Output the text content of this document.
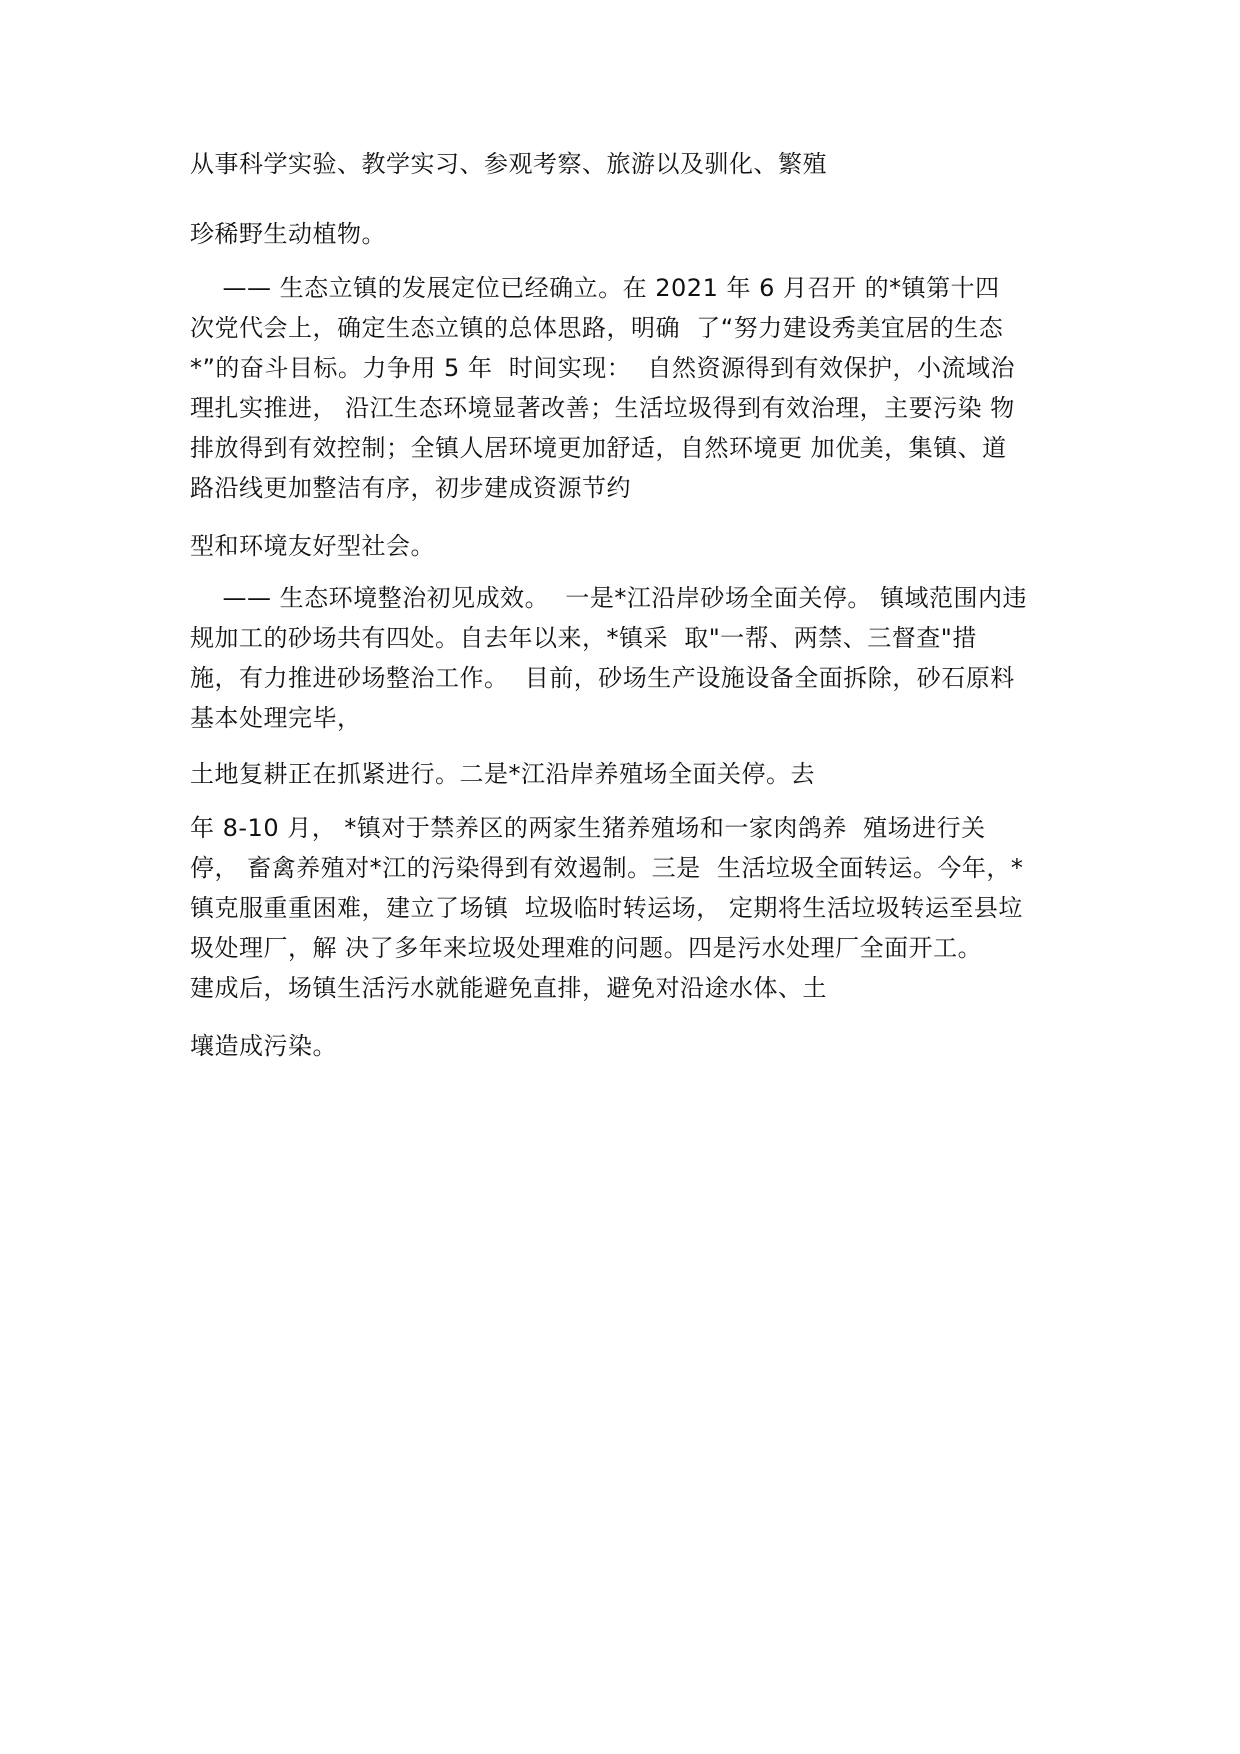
从事科学实验、教学实习、参观考察、旅游以及驯化、繁殖
珍稀野生动植物。
—— 生态立镇的发展定位已经确立。在 2021 年 6 月召开 的*镇第十四
次党代会上，确定生态立镇的总体思路，明确  了“努力建设秀美宜居的生态
*”的奋斗目标。力争用 5 年  时间实现：  自然资源得到有效保护，小流域治
理扎实推进， 沿江生态环境显著改善；生活垃圾得到有效治理，主要污染 物
排放得到有效控制；全镇人居环境更加舒适，自然环境更 加优美，集镇、道
路沿线更加整洁有序，初步建成资源节约
型和环境友好型社会。
—— 生态环境整治初见成效。  一是*江沿岸砂场全面关停。 镇域范围内违
规加工的砂场共有四处。自去年以来，*镇采  取"一帮、两禁、三督查"措
施，有力推进砂场整治工作。  目前，砂场生产设施设备全面拆除，砂石原料
基本处理完毕，
土地复耕正在抓紧进行。二是*江沿岸养殖场全面关停。去
年 8-10 月， *镇对于禁养区的两家生猪养殖场和一家肉鸽养  殖场进行关
停， 畜禽养殖对*江的污染得到有效遏制。三是  生活垃圾全面转运。今年，*
镇克服重重困难，建立了场镇  垃圾临时转运场， 定期将生活垃圾转运至县垃
圾处理厂，解 决了多年来垃圾处理难的问题。四是污水处理厂全面开工。
建成后，场镇生活污水就能避免直排，避免对沿途水体、土
壤造成污染。
